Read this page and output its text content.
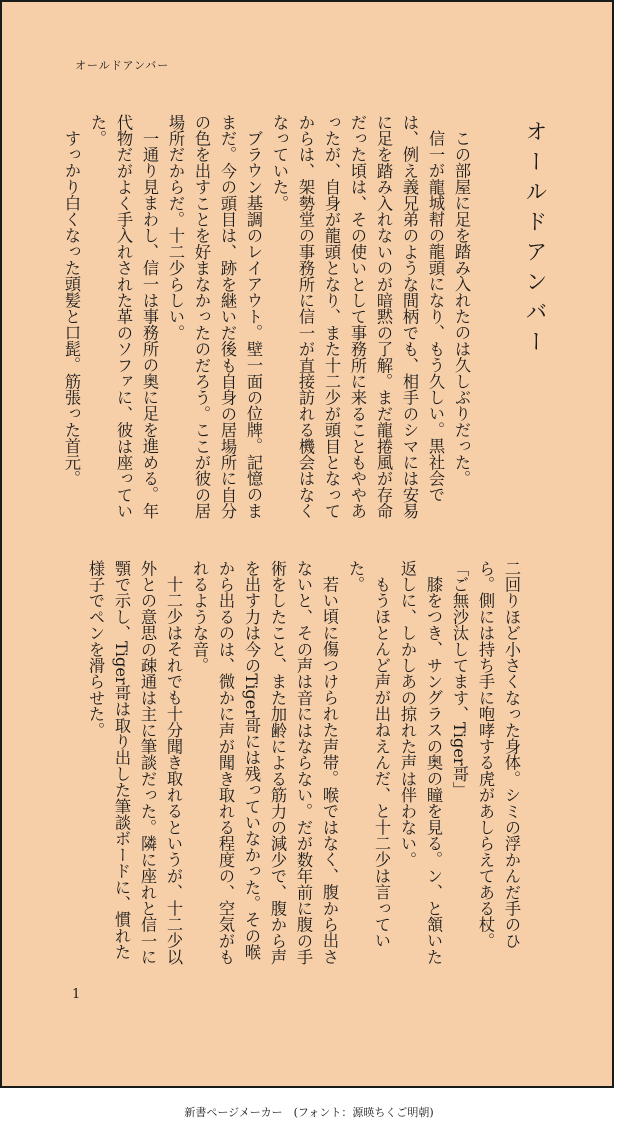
オールドアンバー
オールドアンバー

この部屋に足を踏み入れたのは久しぶりだった。

信一が龍城幇の龍頭になり、もう久しい。黒社会では、例え義兄弟のような間柄でも、相手のシマには安易に足を踏み入れないのが暗黙の了解。まだ龍捲風が存命だった頃は、その使いとして事務所に来ることもややあったが、自身が龍頭となり、また十二少が頭目となってからは、架勢堂の事務所に信一が直接訪れる機会はなくなっていた。

ブラウン基調のレイアウト。壁一面の位牌。記憶のままだ。今の頭目は、跡を継いだ後も自身の居場所に自分の色を出すことを好まなかったのだろう。ここが彼の居場所だからだ。十二少らしい。

一通り見まわし、信一は事務所の奥に足を進める。年代物だがよく手入れされた革のソファに、彼は座っていた。

すっかり白くなった頭髪と口髭。筋張った首元。

二回りほど小さくなった身体。シミの浮かんだ手のひら。側には持ち手に咆哮する虎があしらえてある杖。

「ご無沙汰してます、Tiger哥」

膝をつき、サングラスの奥の瞳を見る。ン、と頷いた返しに、しかしあの掠れた声は伴わない。

もうほとんど声が出ねえんだ、と十二少は言っていた。

若い頃に傷つけられた声帯。喉ではなく、腹から出さないと、その声は音にはならない。だが数年前に腹の手術をしたこと、また加齢による筋力の減少で、腹から声を出す力は今のTiger哥には残っていなかった。その喉から出るのは、微かに声が聞き取れる程度の、空気がもれるような音。

十二少はそれでも十分聞き取れるというが、十二少以外との意思の疎通は主に筆談だった。隣に座れと信一に顎で示し、Tiger哥は取り出した筆談ボードに、慣れた様子でペンを滑らせた。

1
新書ページメーカー　(フォント：源暎ちくご明朝)
